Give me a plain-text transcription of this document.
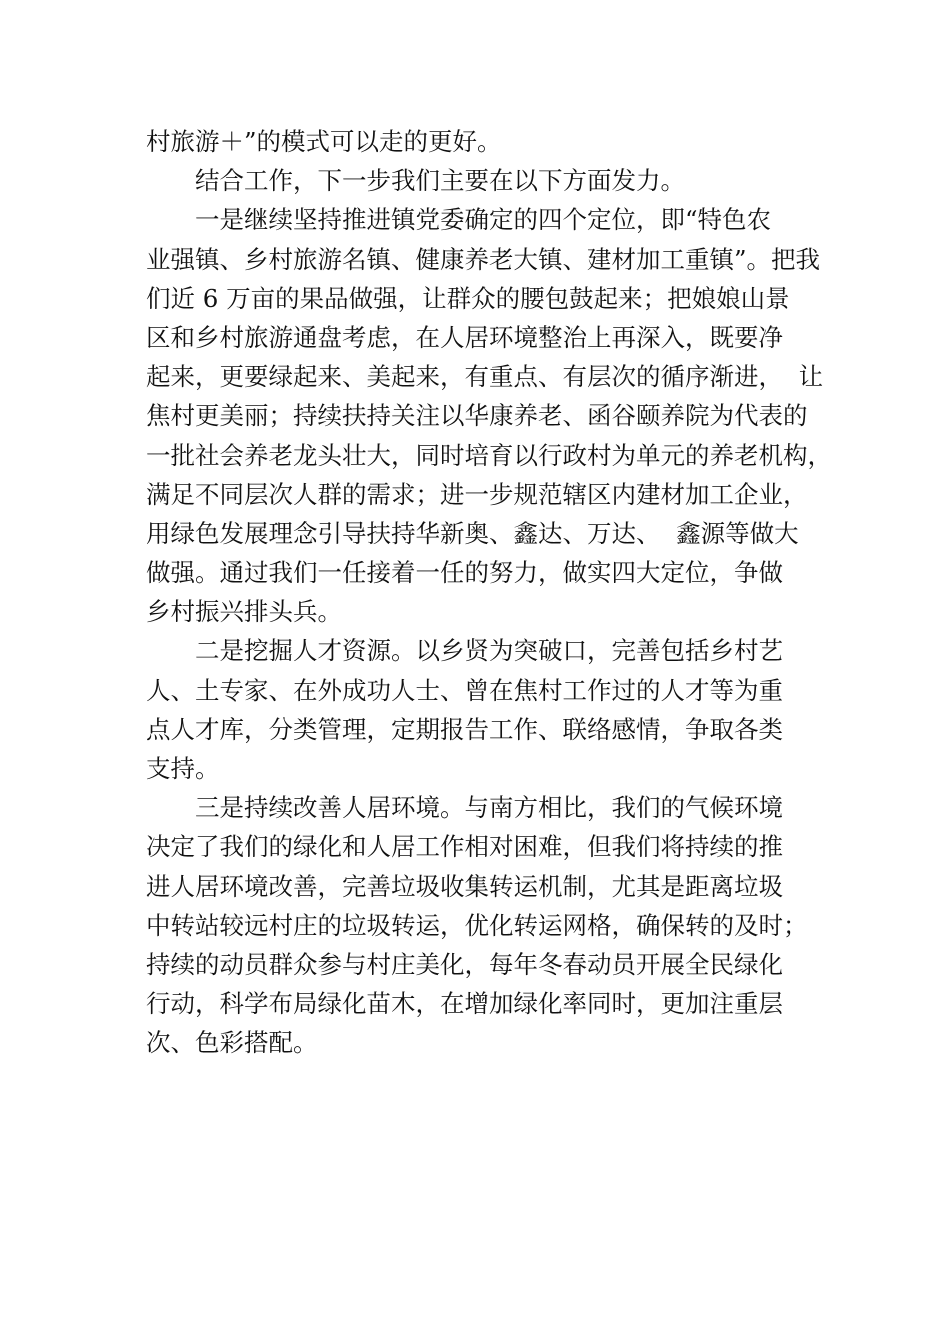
村旅游＋”的模式可以走的更好。
结合工作，下一步我们主要在以下方面发力。
一是继续坚持推进镇党委确定的四个定位，即“特色农
业强镇、乡村旅游名镇、健康养老大镇、建材加工重镇”。把我
们近 6 万亩的果品做强，让群众的腰包鼓起来；把娘娘山景
区和乡村旅游通盘考虑，在人居环境整治上再深入，既要净
起来，更要绿起来、美起来，有重点、有层次的循序渐进，  让
焦村更美丽；持续扶持关注以华康养老、函谷颐养院为代表的
一批社会养老龙头壮大，同时培育以行政村为单元的养老机构，
满足不同层次人群的需求；进一步规范辖区内建材加工企业，
用绿色发展理念引导扶持华新奥、鑫达、万达、  鑫源等做大
做强。通过我们一任接着一任的努力，做实四大定位，争做
乡村振兴排头兵。
二是挖掘人才资源。以乡贤为突破口，完善包括乡村艺
人、土专家、在外成功人士、曾在焦村工作过的人才等为重
点人才库，分类管理，定期报告工作、联络感情，争取各类
支持。
三是持续改善人居环境。与南方相比，我们的气候环境
决定了我们的绿化和人居工作相对困难，但我们将持续的推
进人居环境改善，完善垃圾收集转运机制，尤其是距离垃圾
中转站较远村庄的垃圾转运，优化转运网格，确保转的及时；
持续的动员群众参与村庄美化，每年冬春动员开展全民绿化
行动，科学布局绿化苗木，在增加绿化率同时，更加注重层
次、色彩搭配。
